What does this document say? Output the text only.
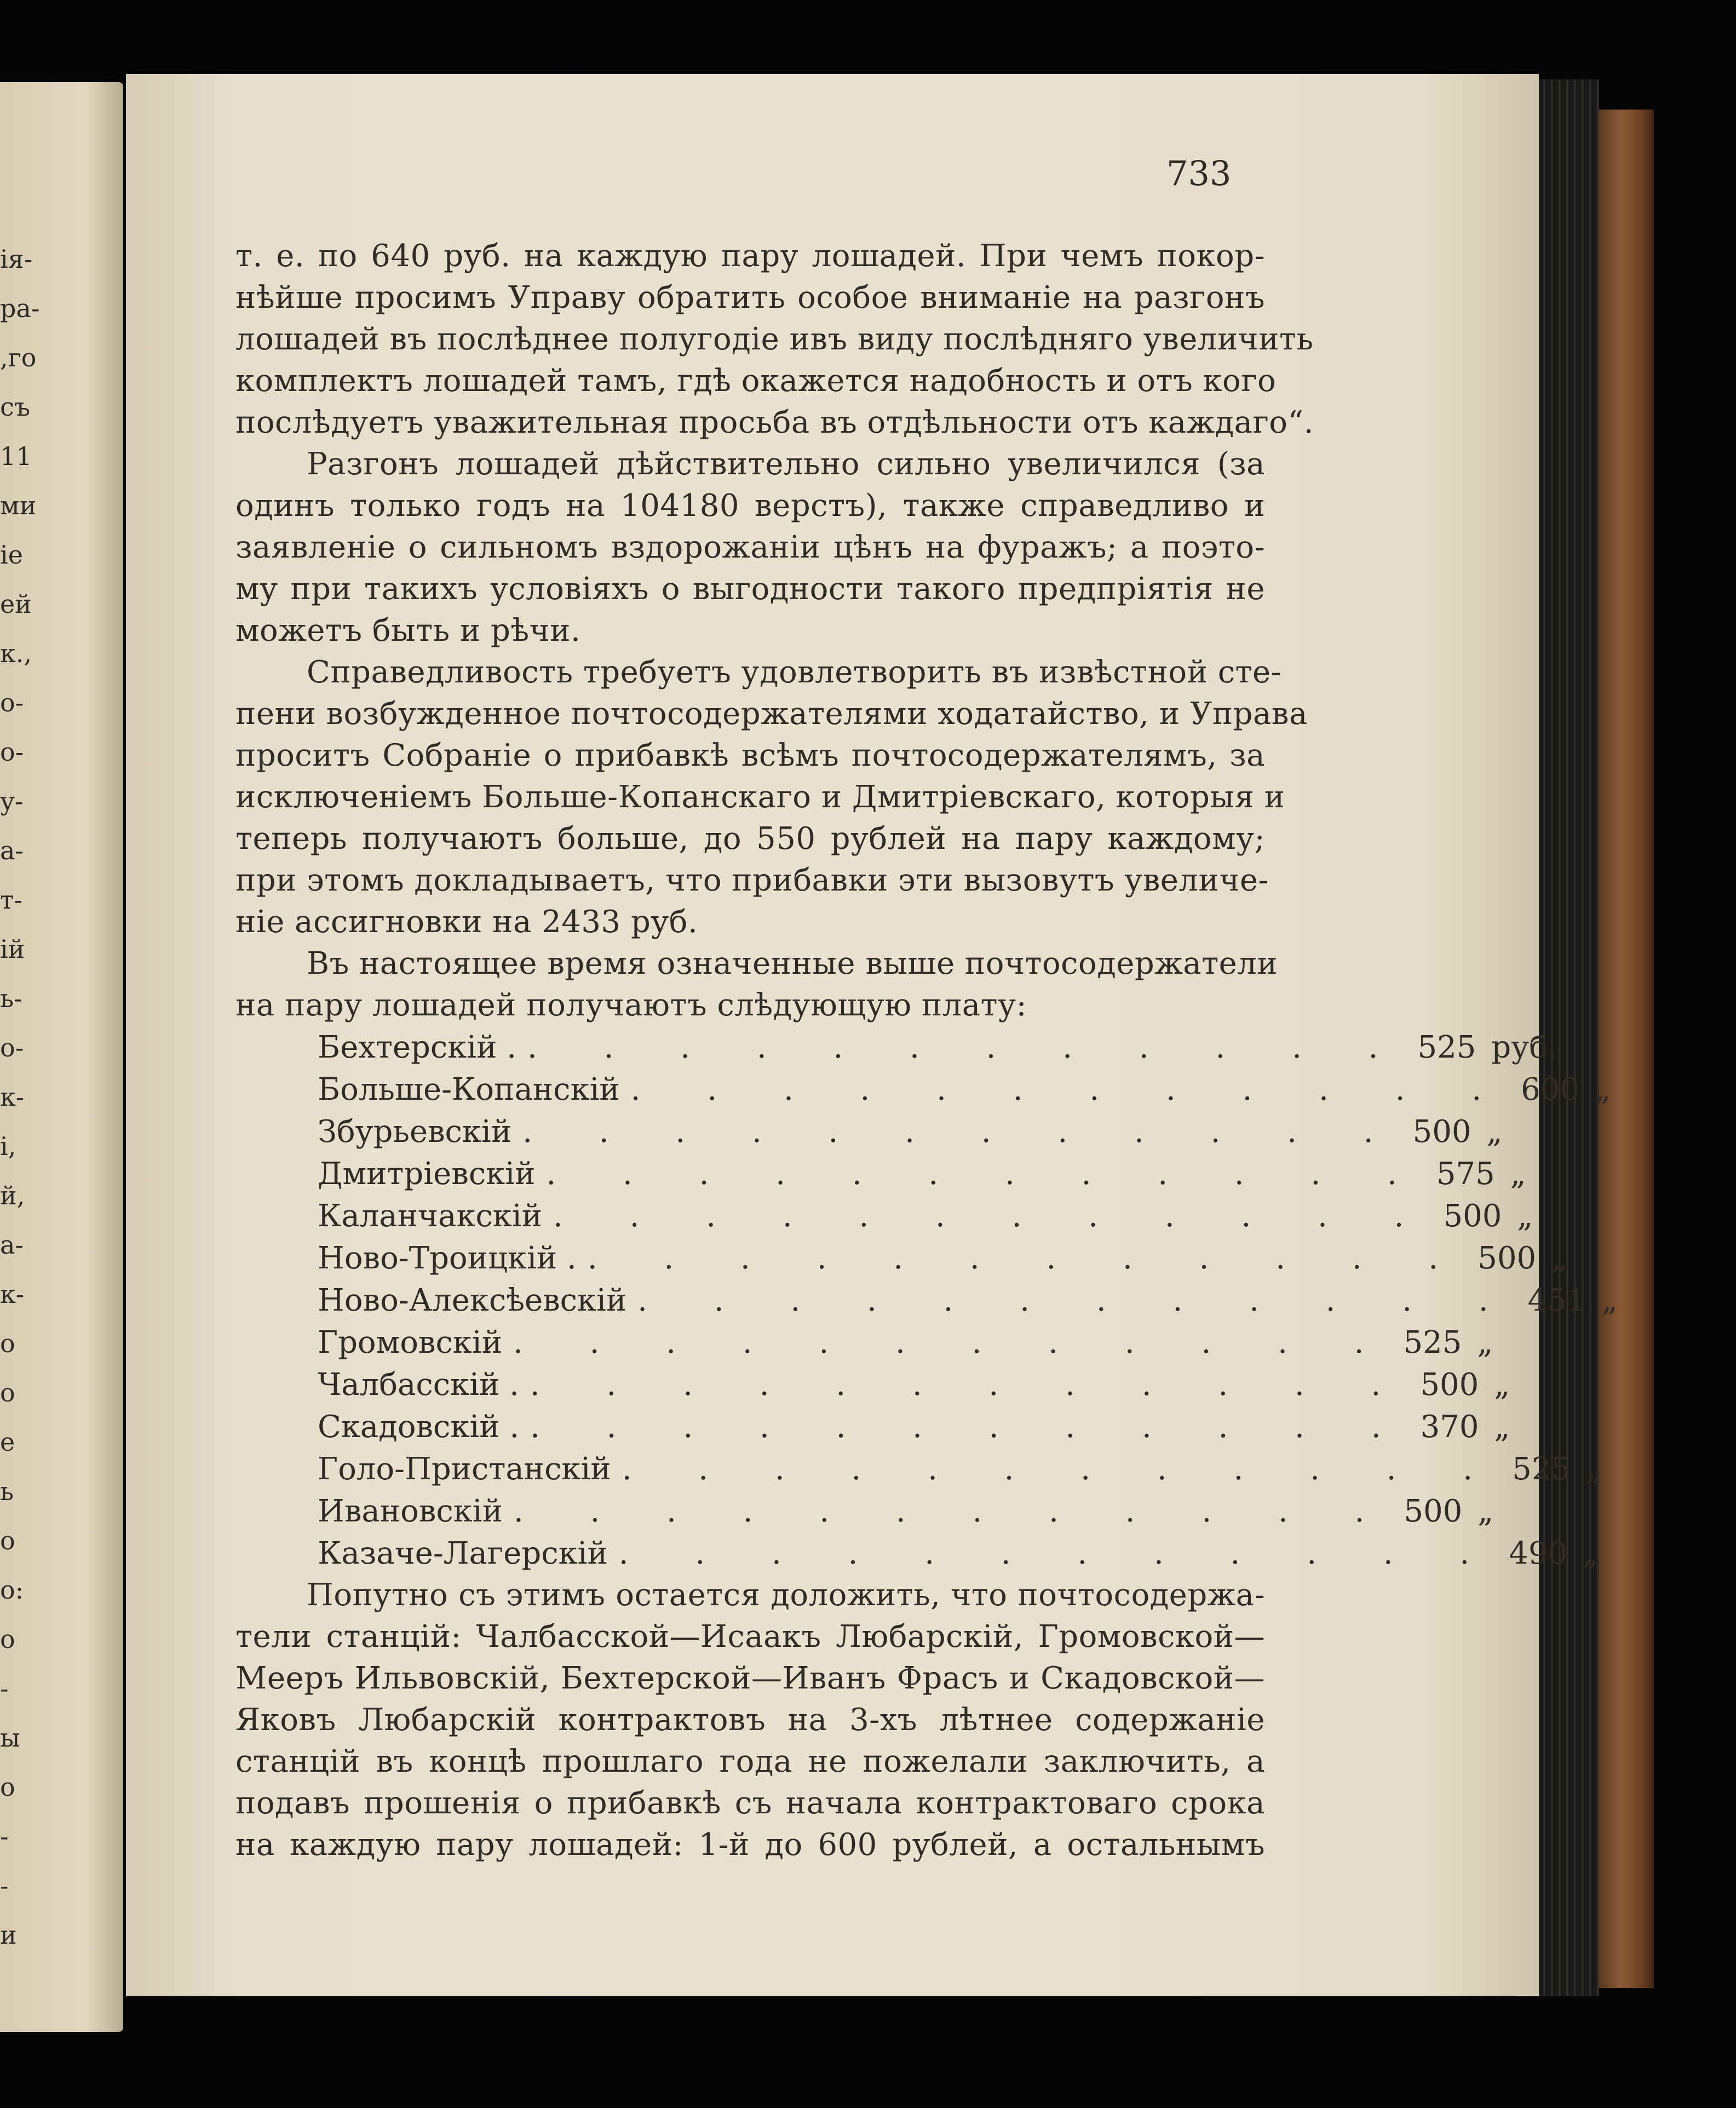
ія-
ра-
,го
съ
11
ми
іе
ей
к.,
о-
о-
у-
а-
т-
ій
ь-
о-
к-
і,
й,
а-
к-
о
о
е
ь
о
о:
о
-
ы
о
-
-
и
733
т. е. по 640 руб. на каждую пару лошадей. При чемъ покор-
нѣйше просимъ Управу обратить особое вниманіе на разгонъ
лошадей въ послѣднее полугодіе ивъ виду послѣдняго увеличить
комплектъ лошадей тамъ, гдѣ окажется надобность и отъ кого
послѣдуетъ уважительная просьба въ отдѣльности отъ каждаго“.
Разгонъ лошадей дѣйствительно сильно увеличился (за
одинъ только годъ на 104180 верстъ), также справедливо и
заявленіе о сильномъ вздорожаніи цѣнъ на фуражъ; а поэто-
му при такихъ условіяхъ о выгодности такого предпріятія не
можетъ быть и рѣчи.
Справедливость требуетъ удовлетворить въ извѣстной сте-
пени возбужденное почтосодержателями ходатайство, и Управа
проситъ Собраніе о прибавкѣ всѣмъ почтосодержателямъ, за
исключеніемъ Больше-Копанскаго и Дмитріевскаго, которыя и
теперь получаютъ больше, до 550 рублей на пару каждому;
при этомъ докладываетъ, что прибавки эти вызовутъ увеличе-
ніе ассигновки на 2433 руб.
Въ настоящее время означенные выше почтосодержатели
на пару лошадей получаютъ слѣдующую плату:
Бехтерскій . . . . . . . . . . . . . 525 руб.
Больше-Копанскій . . . . . . . . . . . . 600 „
Збурьевскій . . . . . . . . . . . . 500 „
Дмитріевскій . . . . . . . . . . . . 575 „
Каланчакскій . . . . . . . . . . . . 500 „
Ново-Троицкій . . . . . . . . . . . . . 500 „
Ново-Алексѣевскій . . . . . . . . . . . . 451 „
Громовскій . . . . . . . . . . . . 525 „
Чалбасскій . . . . . . . . . . . . . 500 „
Скадовскій . . . . . . . . . . . . . 370 „
Голо-Пристанскій . . . . . . . . . . . . 525 „
Ивановскій . . . . . . . . . . . . 500 „
Казаче-Лагерскій . . . . . . . . . . . . 490 „
Попутно съ этимъ остается доложить, что почтосодержа-
тели станцій: Чалбасской—Исаакъ Любарскій, Громовской—
Мееръ Ильвовскій, Бехтерской—Иванъ Фрасъ и Скадовской—
Яковъ Любарскій контрактовъ на 3-хъ лѣтнее содержаніе
станцій въ концѣ прошлаго года не пожелали заключить, а
подавъ прошенія о прибавкѣ съ начала контрактоваго срока
на каждую пару лошадей: 1-й до 600 рублей, а остальнымъ
